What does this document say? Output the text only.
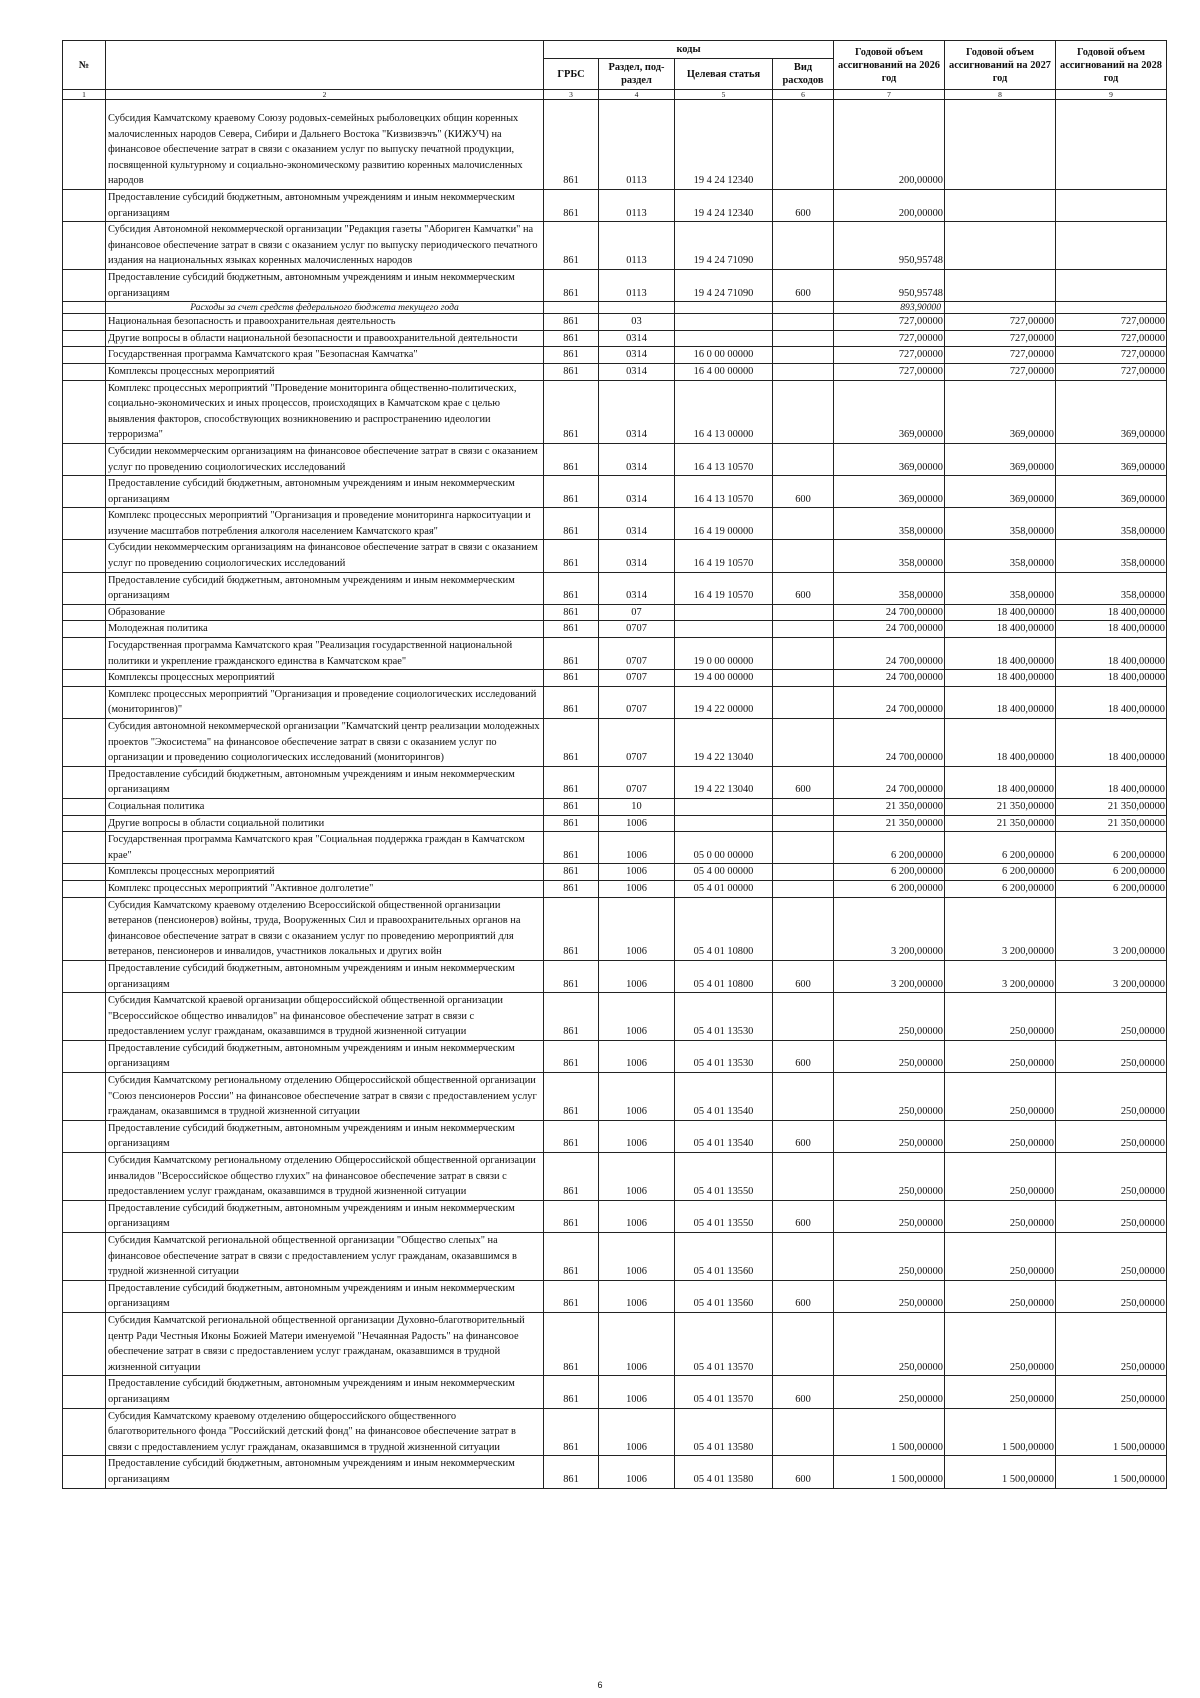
№		коды				Годовой объем ассигнований на 2026 год	Годовой объем ассигнований на 2027 год	Годовой объем ассигнований на 2028 год
		ГРБС	Раздел, под-раздел	Целевая статья	Вид расходов			
1	2	3	4	5	6	7	8	9
	Субсидия Камчатскому краевому Союзу родовых-семейных рыболовецких общин коренных малочисленных народов Севера, Сибири и Дальнего Востока "Кизвизвэчъ" (КИЖУЧ) на финансовое обеспечение затрат в связи с оказанием услуг по выпуску печатной продукции, посвященной культурному и социально-экономическому развитию коренных малочисленных народов	861	0113	19 4 24 12340		200,00000		
	Предоставление субсидий бюджетным, автономным учреждениям и иным некоммерческим организациям	861	0113	19 4 24 12340	600	200,00000		
	Субсидия Автономной некоммерческой организации "Редакция газеты "Абориген Камчатки" на финансовое обеспечение затрат в связи с оказанием услуг по выпуску периодического печатного издания на национальных языках коренных малочисленных народов	861	0113	19 4 24 71090		950,95748		
	Предоставление субсидий бюджетным, автономным учреждениям и иным некоммерческим организациям	861	0113	19 4 24 71090	600	950,95748		
	Расходы за счет средств федерального бюджета текущего года					893,90000		
	Национальная безопасность и правоохранительная деятельность	861	03			727,00000	727,00000	727,00000
	Другие вопросы в области национальной безопасности и правоохранительной деятельности	861	0314			727,00000	727,00000	727,00000
	Государственная программа Камчатского края "Безопасная Камчатка"	861	0314	16 0 00 00000		727,00000	727,00000	727,00000
	Комплексы процессных мероприятий	861	0314	16 4 00 00000		727,00000	727,00000	727,00000
	Комплекс процессных мероприятий "Проведение мониторинга общественно-политических, социально-экономических и иных процессов, происходящих в Камчатском крае с целью выявления факторов, способствующих возникновению и распространению идеологии терроризма"	861	0314	16 4 13 00000		369,00000	369,00000	369,00000
	Субсидии некоммерческим организациям на финансовое обеспечение затрат в связи с оказанием услуг по проведению социологических исследований	861	0314	16 4 13 10570		369,00000	369,00000	369,00000
	Предоставление субсидий бюджетным, автономным учреждениям и иным некоммерческим организациям	861	0314	16 4 13 10570	600	369,00000	369,00000	369,00000
	Комплекс процессных мероприятий "Организация и проведение мониторинга наркоситуации и изучение масштабов потребления алкоголя населением Камчатского края"	861	0314	16 4 19 00000		358,00000	358,00000	358,00000
	Субсидии некоммерческим организациям на финансовое обеспечение затрат в связи с оказанием услуг по проведению социологических исследований	861	0314	16 4 19 10570		358,00000	358,00000	358,00000
	Предоставление субсидий бюджетным, автономным учреждениям и иным некоммерческим организациям	861	0314	16 4 19 10570	600	358,00000	358,00000	358,00000
	Образование	861	07			24 700,00000	18 400,00000	18 400,00000
	Молодежная политика	861	0707			24 700,00000	18 400,00000	18 400,00000
	Государственная программа Камчатского края "Реализация государственной национальной политики и укрепление гражданского единства в Камчатском крае"	861	0707	19 0 00 00000		24 700,00000	18 400,00000	18 400,00000
	Комплексы процессных мероприятий	861	0707	19 4 00 00000		24 700,00000	18 400,00000	18 400,00000
	Комплекс процессных мероприятий "Организация и проведение социологических исследований (мониторингов)"	861	0707	19 4 22 00000		24 700,00000	18 400,00000	18 400,00000
	Субсидия автономной некоммерческой организации "Камчатский центр реализации молодежных проектов "Экосистема" на финансовое обеспечение затрат в связи с оказанием услуг по организации и проведению социологических исследований (мониторингов)	861	0707	19 4 22 13040		24 700,00000	18 400,00000	18 400,00000
	Предоставление субсидий бюджетным, автономным учреждениям и иным некоммерческим организациям	861	0707	19 4 22 13040	600	24 700,00000	18 400,00000	18 400,00000
	Социальная политика	861	10			21 350,00000	21 350,00000	21 350,00000
	Другие вопросы в области социальной политики	861	1006			21 350,00000	21 350,00000	21 350,00000
	Государственная программа Камчатского края "Социальная поддержка граждан в Камчатском крае"	861	1006	05 0 00 00000		6 200,00000	6 200,00000	6 200,00000
	Комплексы процессных мероприятий	861	1006	05 4 00 00000		6 200,00000	6 200,00000	6 200,00000
	Комплекс процессных мероприятий "Активное долголетие"	861	1006	05 4 01 00000		6 200,00000	6 200,00000	6 200,00000
	Субсидия Камчатскому краевому отделению Всероссийской общественной организации ветеранов (пенсионеров) войны, труда, Вооруженных Сил и правоохранительных органов на финансовое обеспечение затрат в связи с оказанием услуг по проведению мероприятий для ветеранов, пенсионеров и инвалидов, участников локальных и других войн	861	1006	05 4 01 10800		3 200,00000	3 200,00000	3 200,00000
	Предоставление субсидий бюджетным, автономным учреждениям и иным некоммерческим организациям	861	1006	05 4 01 10800	600	3 200,00000	3 200,00000	3 200,00000
	Субсидия Камчатской краевой организации общероссийской общественной организации "Всероссийское общество инвалидов" на финансовое обеспечение затрат в связи с предоставлением услуг гражданам, оказавшимся в трудной жизненной ситуации	861	1006	05 4 01 13530		250,00000	250,00000	250,00000
	Предоставление субсидий бюджетным, автономным учреждениям и иным некоммерческим организациям	861	1006	05 4 01 13530	600	250,00000	250,00000	250,00000
	Субсидия Камчатскому региональному отделению Общероссийской общественной организации "Союз пенсионеров России" на финансовое обеспечение затрат в связи с предоставлением услуг гражданам, оказавшимся в трудной жизненной ситуации	861	1006	05 4 01 13540		250,00000	250,00000	250,00000
	Предоставление субсидий бюджетным, автономным учреждениям и иным некоммерческим организациям	861	1006	05 4 01 13540	600	250,00000	250,00000	250,00000
	Субсидия Камчатскому региональному отделению Общероссийской общественной организации инвалидов "Всероссийское общество глухих" на финансовое обеспечение затрат в связи с предоставлением услуг гражданам, оказавшимся в трудной жизненной ситуации	861	1006	05 4 01 13550		250,00000	250,00000	250,00000
	Предоставление субсидий бюджетным, автономным учреждениям и иным некоммерческим организациям	861	1006	05 4 01 13550	600	250,00000	250,00000	250,00000
	Субсидия Камчатской региональной общественной организации "Общество слепых" на финансовое обеспечение затрат в связи с предоставлением услуг гражданам, оказавшимся в трудной жизненной ситуации	861	1006	05 4 01 13560		250,00000	250,00000	250,00000
	Предоставление субсидий бюджетным, автономным учреждениям и иным некоммерческим организациям	861	1006	05 4 01 13560	600	250,00000	250,00000	250,00000
	Субсидия Камчатской региональной общественной организации Духовно-благотворительный центр Ради Честныя Иконы Божией Матери именуемой "Нечаянная Радость" на финансовое обеспечение затрат в связи с предоставлением услуг гражданам, оказавшимся в трудной жизненной ситуации	861	1006	05 4 01 13570		250,00000	250,00000	250,00000
	Предоставление субсидий бюджетным, автономным учреждениям и иным некоммерческим организациям	861	1006	05 4 01 13570	600	250,00000	250,00000	250,00000
	Субсидия Камчатскому краевому отделению общероссийского общественного благотворительного фонда "Российский детский фонд" на финансовое обеспечение затрат в связи с предоставлением услуг гражданам, оказавшимся в трудной жизненной ситуации	861	1006	05 4 01 13580		1 500,00000	1 500,00000	1 500,00000
	Предоставление субсидий бюджетным, автономным учреждениям и иным некоммерческим организациям	861	1006	05 4 01 13580	600	1 500,00000	1 500,00000	1 500,00000
6
